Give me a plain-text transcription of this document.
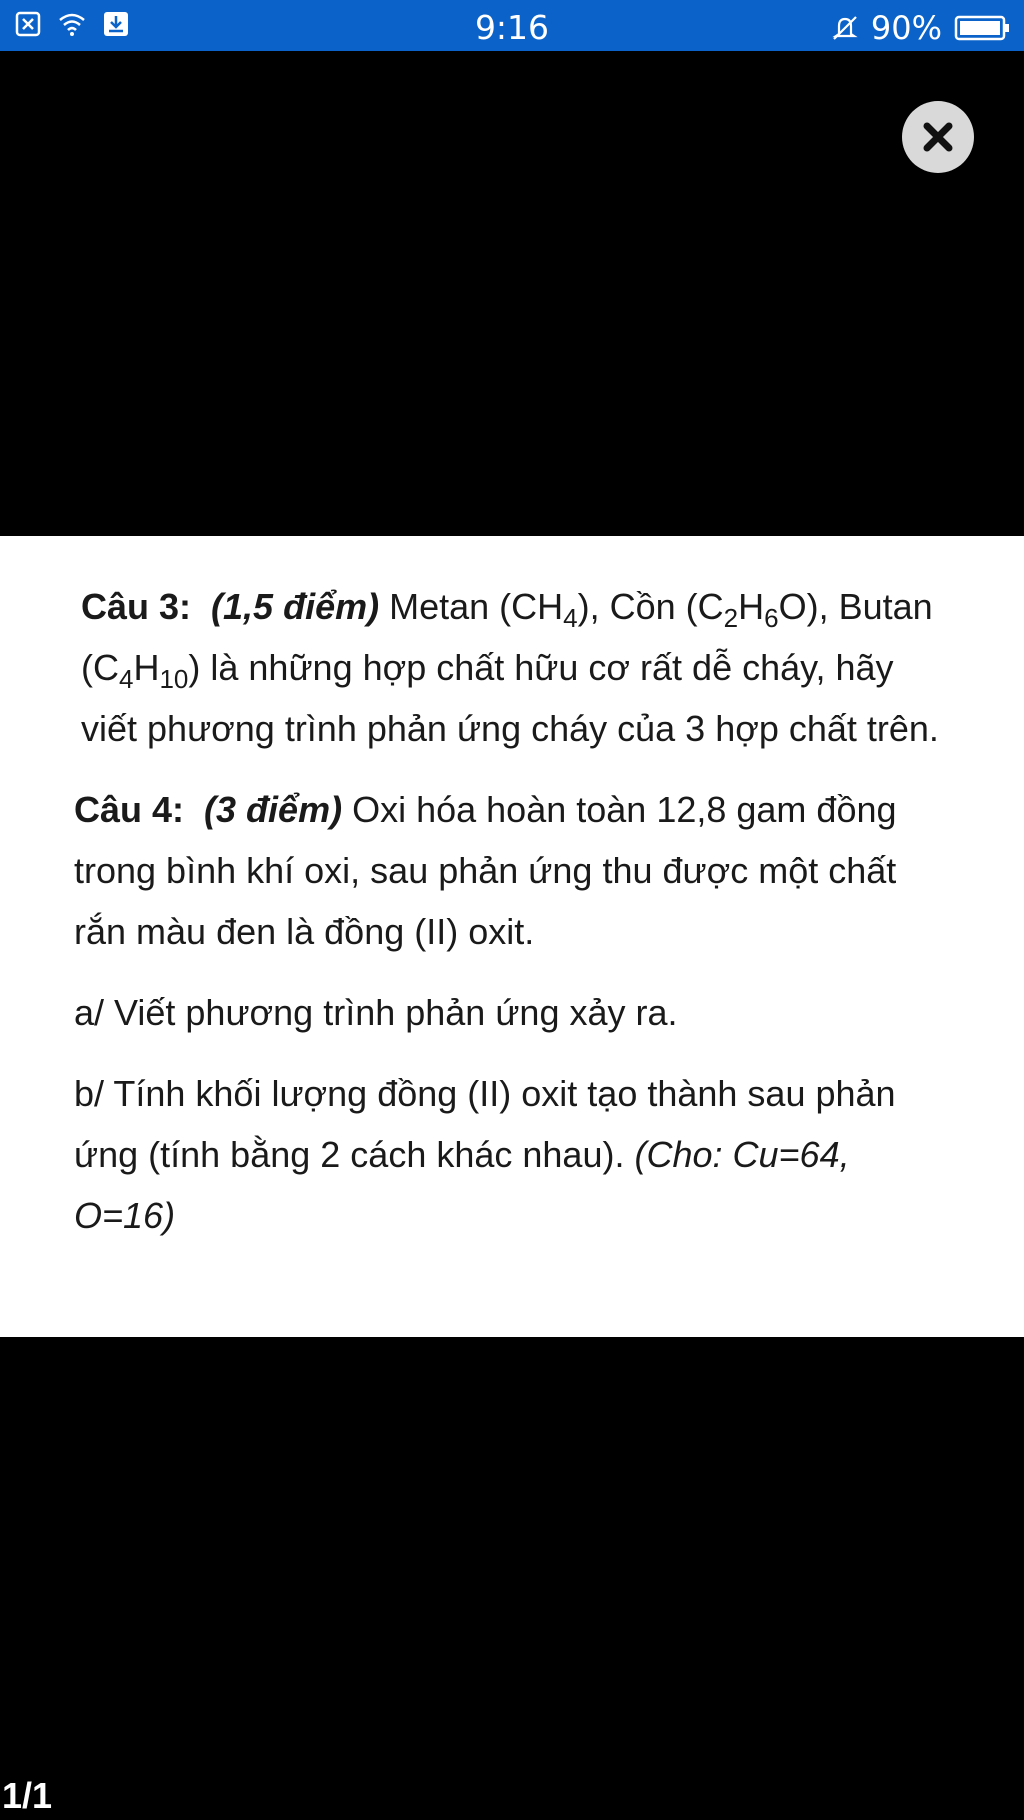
9:16	90%

Câu 3: (1,5 điểm) Metan $(CH_4)$, Cồn $(C_2H_6O)$, Butan $(C_4H_{10})$ là những hợp chất hữu cơ rất dễ cháy, hãy viết phương trình phản ứng cháy của 3 hợp chất trên.

Câu 4: (3 điểm) Oxi hóa hoàn toàn 12,8 gam đồng trong bình khí oxi, sau phản ứng thu được một chất rắn màu đen là đồng (II) oxit.

a/ Viết phương trình phản ứng xảy ra.

b/ Tính khối lượng đồng (II) oxit tạo thành sau phản ứng (tính bằng 2 cách khác nhau). (Cho: Cu=64, O=16)

1/1
